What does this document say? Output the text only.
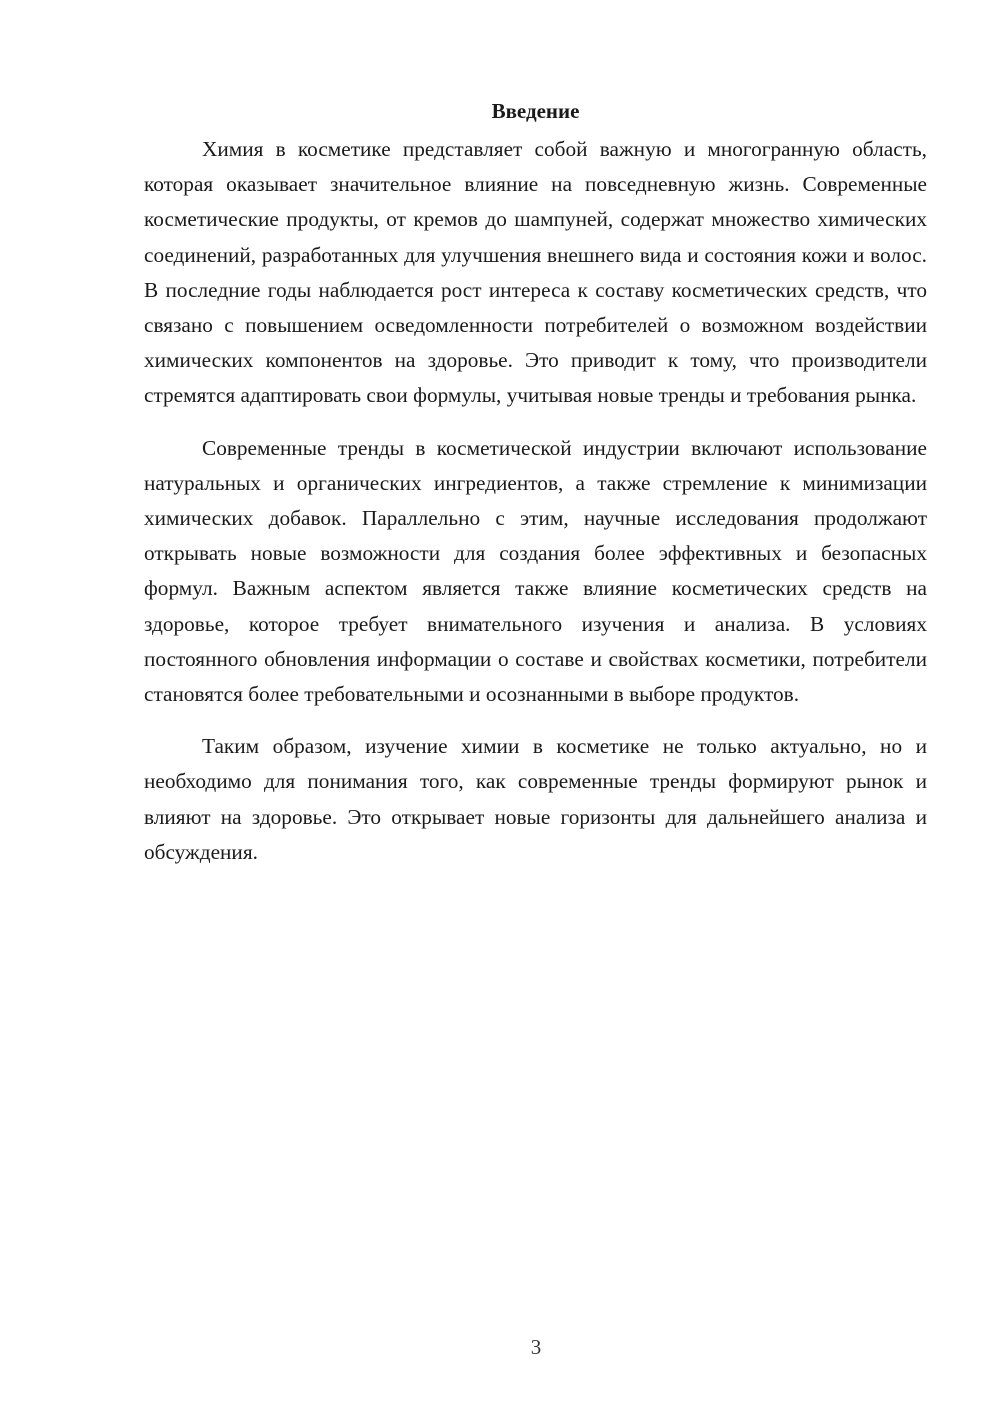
Введение

Химия в косметике представляет собой важную и многогранную область, которая оказывает значительное влияние на повседневную жизнь. Современные косметические продукты, от кремов до шампуней, содержат множество химических соединений, разработанных для улучшения внешнего вида и состояния кожи и волос. В последние годы наблюдается рост интереса к составу косметических средств, что связано с повышением осведомленности потребителей о возможном воздействии химических компонентов на здоровье. Это приводит к тому, что производители стремятся адаптировать свои формулы, учитывая новые тренды и требования рынка.

Современные тренды в косметической индустрии включают использование натуральных и органических ингредиентов, а также стремление к минимизации химических добавок. Параллельно с этим, научные исследования продолжают открывать новые возможности для создания более эффективных и безопасных формул. Важным аспектом является также влияние косметических средств на здоровье, которое требует внимательного изучения и анализа. В условиях постоянного обновления информации о составе и свойствах косметики, потребители становятся более требовательными и осознанными в выборе продуктов.

Таким образом, изучение химии в косметике не только актуально, но и необходимо для понимания того, как современные тренды формируют рынок и влияют на здоровье. Это открывает новые горизонты для дальнейшего анализа и обсуждения.

3
